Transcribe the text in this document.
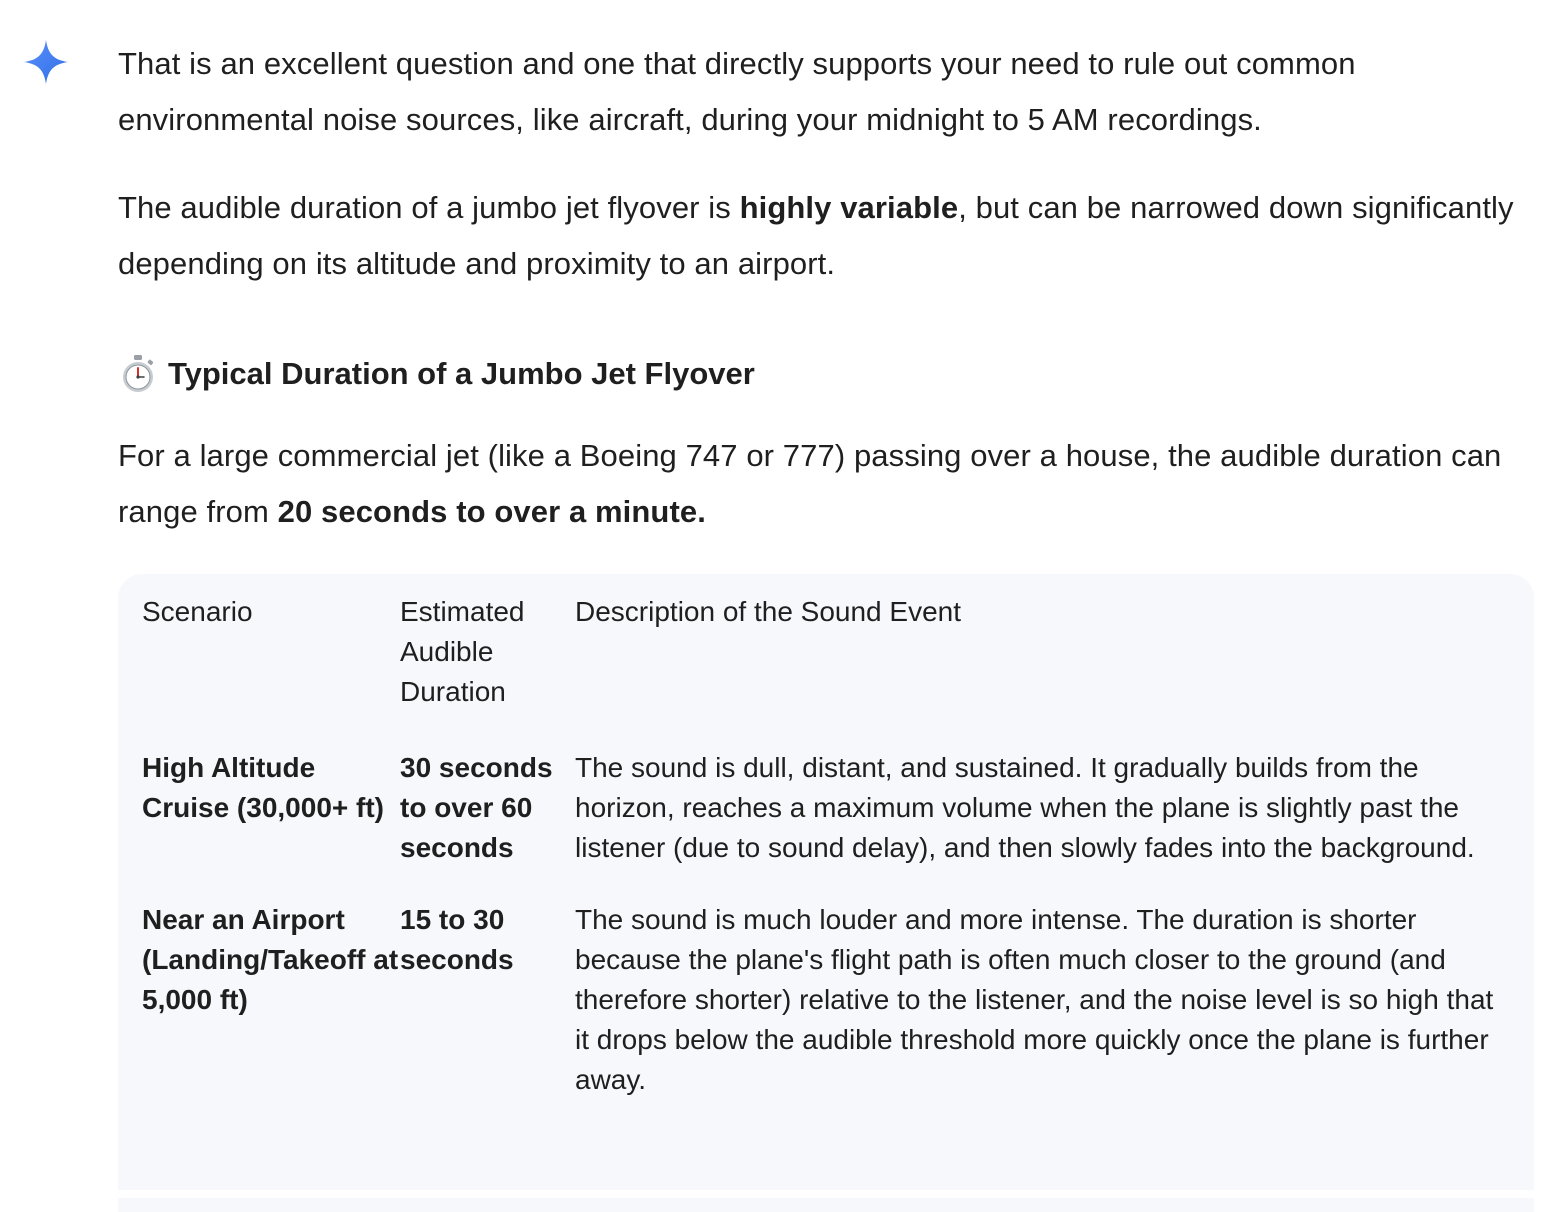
That is an excellent question and one that directly supports your need to rule out common environmental noise sources, like aircraft, during your midnight to 5 AM recordings.

The audible duration of a jumbo jet flyover is highly variable, but can be narrowed down significantly depending on its altitude and proximity to an airport.

Typical Duration of a Jumbo Jet Flyover

For a large commercial jet (like a Boeing 747 or 777) passing over a house, the audible duration can range from 20 seconds to over a minute.

Scenario	Estimated Audible Duration	Description of the Sound Event
High Altitude Cruise (30,000+ ft)	30 seconds to over 60 seconds	The sound is dull, distant, and sustained. It gradually builds from the horizon, reaches a maximum volume when the plane is slightly past the listener (due to sound delay), and then slowly fades into the background.
Near an Airport (Landing/Takeoff at 5,000 ft)	15 to 30 seconds	The sound is much louder and more intense. The duration is shorter because the plane's flight path is often much closer to the ground (and therefore shorter) relative to the listener, and the noise level is so high that it drops below the audible threshold more quickly once the plane is further away.
